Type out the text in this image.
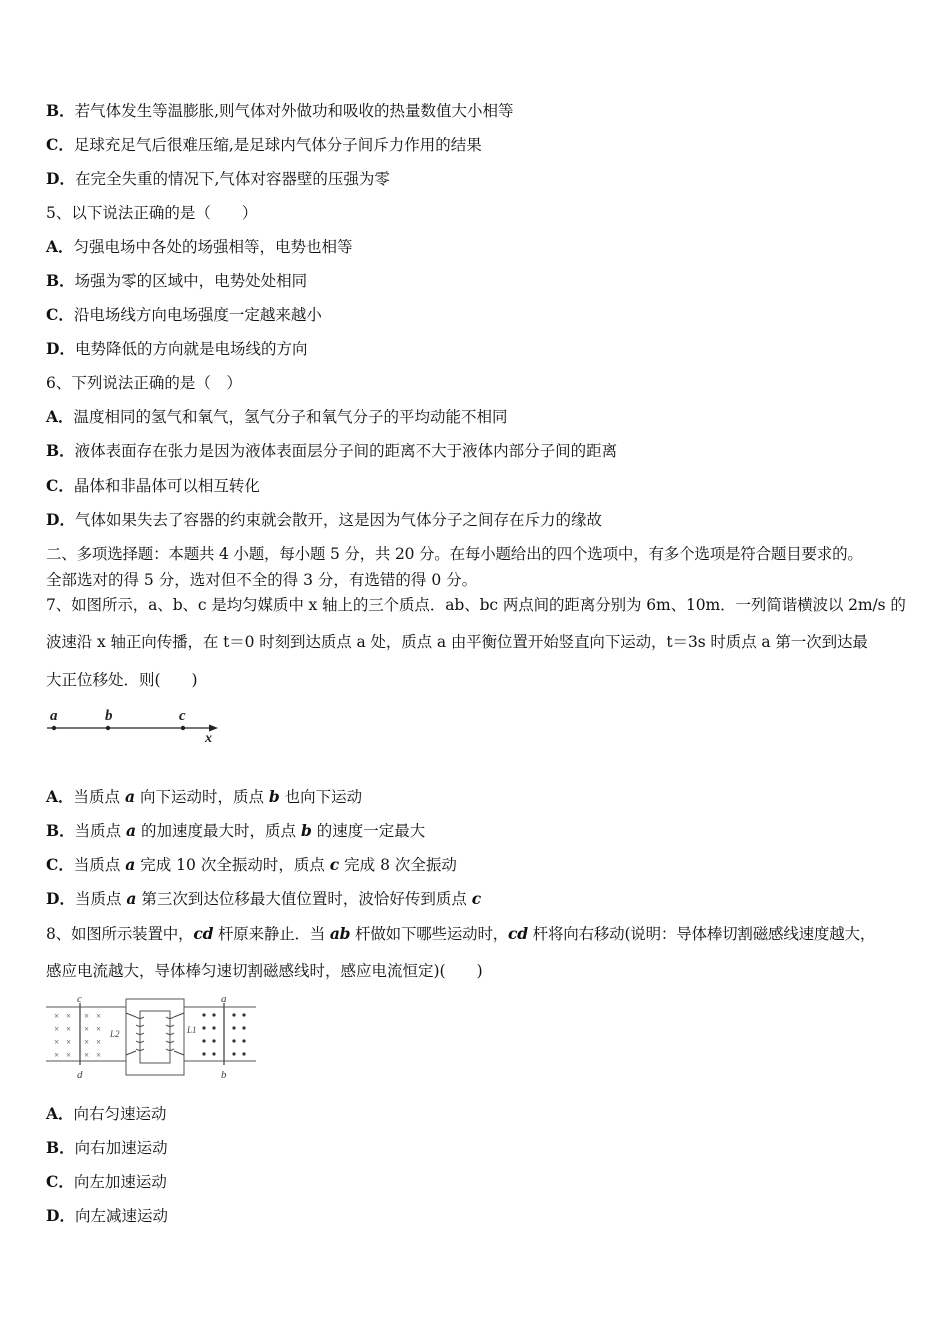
B．若气体发生等温膨胀,则气体对外做功和吸收的热量数值大小相等
C．足球充足气后很难压缩,是足球内气体分子间斥力作用的结果
D．在完全失重的情况下,气体对容器壁的压强为零
5、以下说法正确的是（　　）
A．匀强电场中各处的场强相等，电势也相等
B．场强为零的区域中，电势处处相同
C．沿电场线方向电场强度一定越来越小
D．电势降低的方向就是电场线的方向
6、下列说法正确的是（　）
A．温度相同的氢气和氧气，氢气分子和氧气分子的平均动能不相同
B．液体表面存在张力是因为液体表面层分子间的距离不大于液体内部分子间的距离
C．晶体和非晶体可以相互转化
D．气体如果失去了容器的约束就会散开，这是因为气体分子之间存在斥力的缘故
二、多项选择题：本题共 4 小题，每小题 5 分，共 20 分。在每小题给出的四个选项中，有多个选项是符合题目要求的。
全部选对的得 5 分，选对但不全的得 3 分，有选错的得 0 分。
7、如图所示，a、b、c 是均匀媒质中 x 轴上的三个质点．ab、bc 两点间的距离分别为 6m、10m．一列简谐横波以 2m/s 的
波速沿 x 轴正向传播，在 t＝0 时刻到达质点 a 处，质点 a 由平衡位置开始竖直向下运动，t＝3s 时质点 a 第一次到达最
大正位移处．则(　　)
a	b	c
x
A．当质点 a 向下运动时，质点 b 也向下运动
B．当质点 a 的加速度最大时，质点 b 的速度一定最大
C．当质点 a 完成 10 次全振动时，质点 c 完成 8 次全振动
D．当质点 a 第三次到达位移最大值位置时，波恰好传到质点 c
8、如图所示装置中，cd 杆原来静止．当 ab 杆做如下哪些运动时，cd 杆将向右移动(说明：导体棒切割磁感线速度越大，
感应电流越大，导体棒匀速切割磁感线时，感应电流恒定)(　　)
× × × ×
× × × ×
× × × ×
× × × ×
c
d
a
b
L2	L1
A．向右匀速运动
B．向右加速运动
C．向左加速运动
D．向左减速运动
